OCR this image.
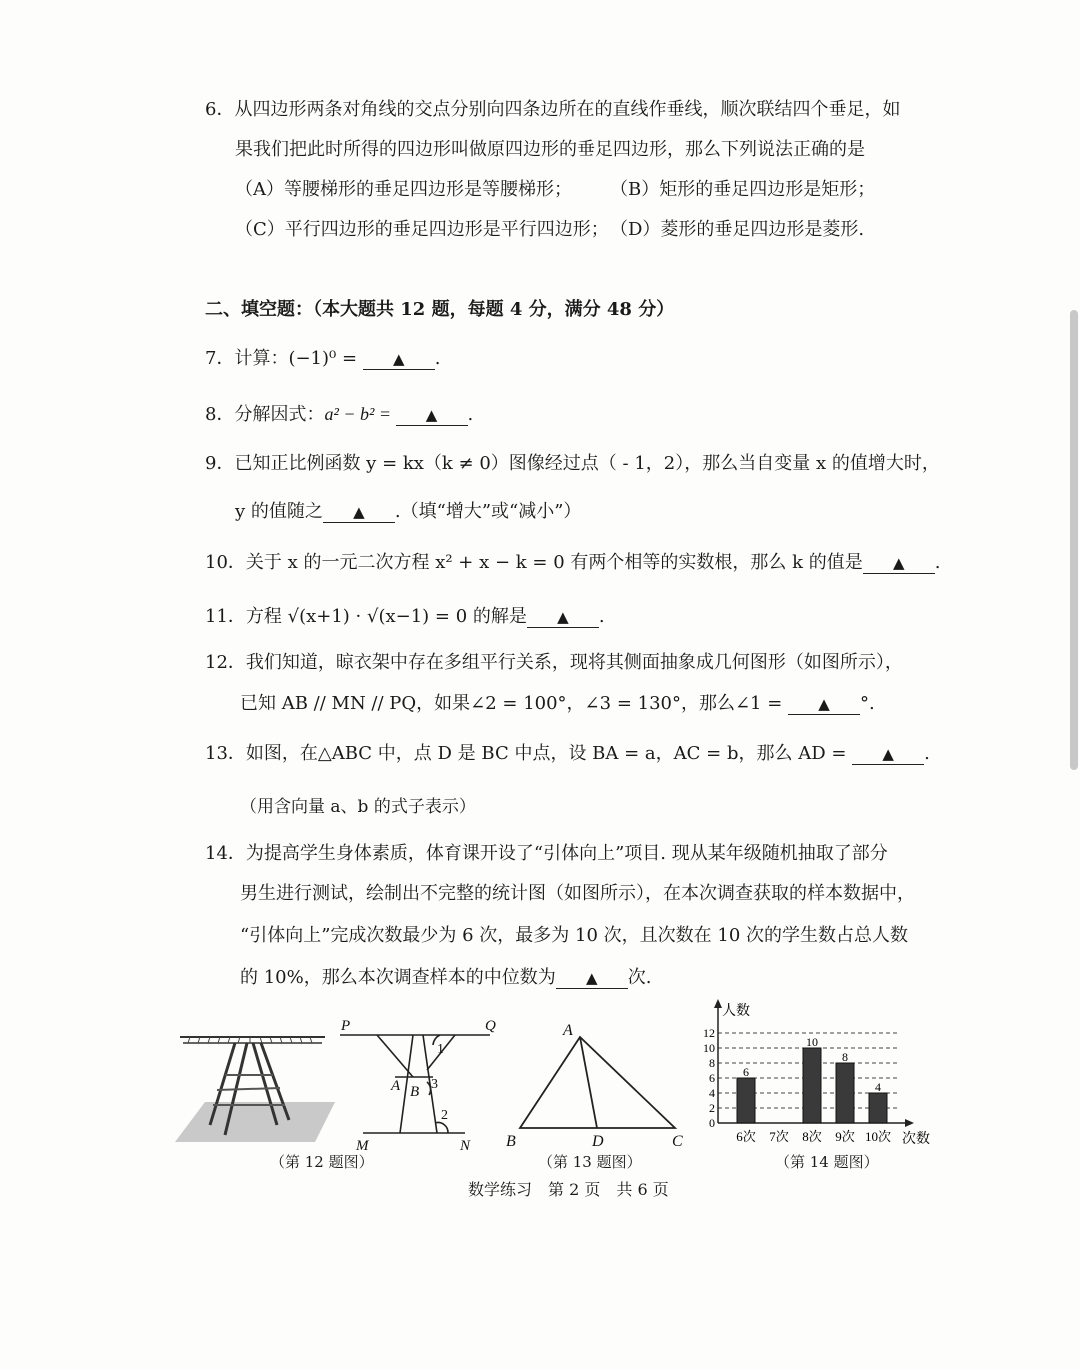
6．从四边形两条对角线的交点分别向四条边所在的直线作垂线，顺次联结四个垂足，如
果我们把此时所得的四边形叫做原四边形的垂足四边形，那么下列说法正确的是
（A）等腰梯形的垂足四边形是等腰梯形； （B）矩形的垂足四边形是矩形；
（C）平行四边形的垂足四边形是平行四边形； （D）菱形的垂足四边形是菱形.
二、填空题：（本大题共 12 题，每题 4 分，满分 48 分）
7．计算：(−1)⁰ = ▲ .
8．分解因式：a² − b² = ▲ .
9．已知正比例函数 y = kx（k ≠ 0）图像经过点（ - 1，2），那么当自变量 x 的值增大时，
y 的值随之 ▲ .（填“增大”或“减小”）
10．关于 x 的一元二次方程 x² + x − k = 0 有两个相等的实数根，那么 k 的值是 ▲ .
11．方程 √(x+1) · √(x−1) = 0 的解是 ▲ .
12．我们知道，晾衣架中存在多组平行关系，现将其侧面抽象成几何图形（如图所示），
已知 AB // MN // PQ，如果∠2 = 100°，∠3 = 130°，那么∠1 = ▲ °.
13．如图，在△ABC 中，点 D 是 BC 中点，设 BA = a，AC = b，那么 AD = ▲ .
（用含向量 a、b 的式子表示）
14．为提高学生身体素质，体育课开设了“引体向上”项目. 现从某年级随机抽取了部分
男生进行测试，绘制出不完整的统计图（如图所示），在本次调查获取的样本数据中，
“引体向上”完成次数最少为 6 次，最多为 10 次，且次数在 10 次的学生数占总人数
的 10%，那么本次调查样本的中位数为 ▲ 次.
P	Q
A B
1
3
2
M	N
（第 12 题图）
A
B	D	C
（第 13 题图）
人数
次数
0
2
4
6
8
10
12
6
10
8
4
6次 7次 8次 9次 10次
（第 14 题图）
数学练习　第 2 页　共 6 页
